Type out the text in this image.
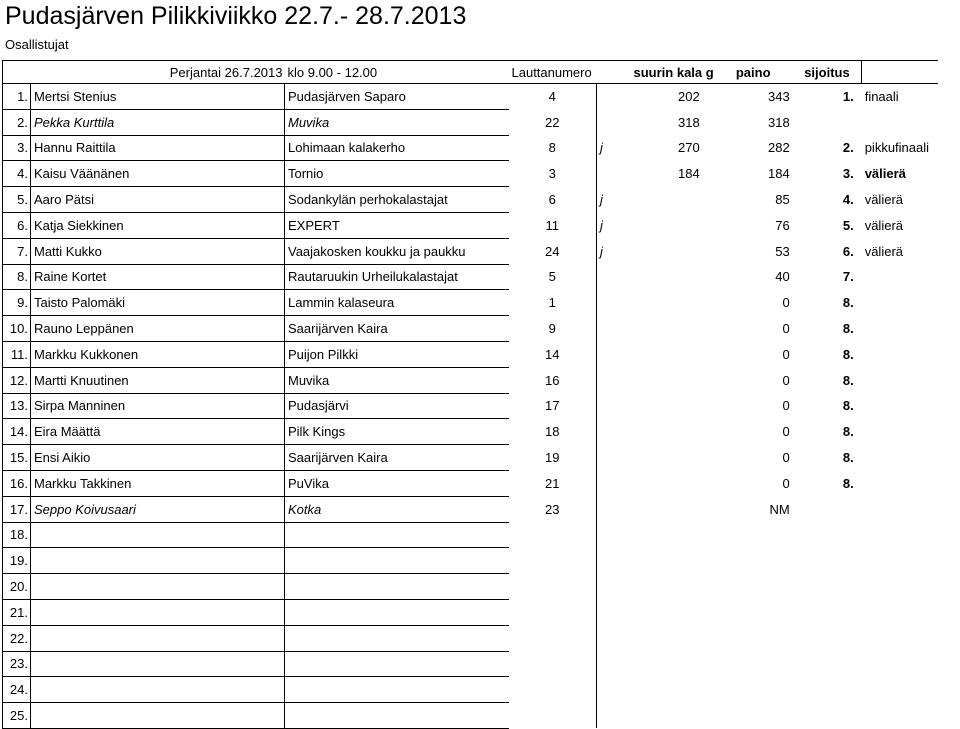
Pudasjärven Pilikkiviikko 22.7.- 28.7.2013
Osallistujat
Perjantai 26.7.2013		klo 9.00 - 12.00	Lauttanumero		suurin kala g	paino	sijoitus	
1.	Mertsi Stenius	Pudasjärven Saparo	4		202	343	1.	finaali
2.	Pekka Kurttila	Muvika	22		318	318		
3.	Hannu Raittila	Lohimaan kalakerho	8	j	270	282	2.	pikkufinaali
4.	Kaisu Väänänen	Tornio	3		184	184	3.	välierä
5.	Aaro Pätsi	Sodankylän perhokalastajat	6	j		85	4.	välierä
6.	Katja Siekkinen	EXPERT	11	j		76	5.	välierä
7.	Matti Kukko	Vaajakosken koukku ja paukku	24	j		53	6.	välierä
8.	Raine Kortet	Rautaruukin Urheilukalastajat	5			40	7.	
9.	Taisto Palomäki	Lammin kalaseura	1			0	8.	
10.	Rauno Leppänen	Saarijärven Kaira	9			0	8.	
11.	Markku Kukkonen	Puijon Pilkki	14			0	8.	
12.	Martti Knuutinen	Muvika	16			0	8.	
13.	Sirpa Manninen	Pudasjärvi	17			0	8.	
14.	Eira Määttä	Pilk Kings	18			0	8.	
15.	Ensi Aikio	Saarijärven Kaira	19			0	8.	
16.	Markku Takkinen	PuVika	21			0	8.	
17.	Seppo Koivusaari	Kotka	23			NM		
18.								
19.								
20.								
21.								
22.								
23.								
24.								
25.								
